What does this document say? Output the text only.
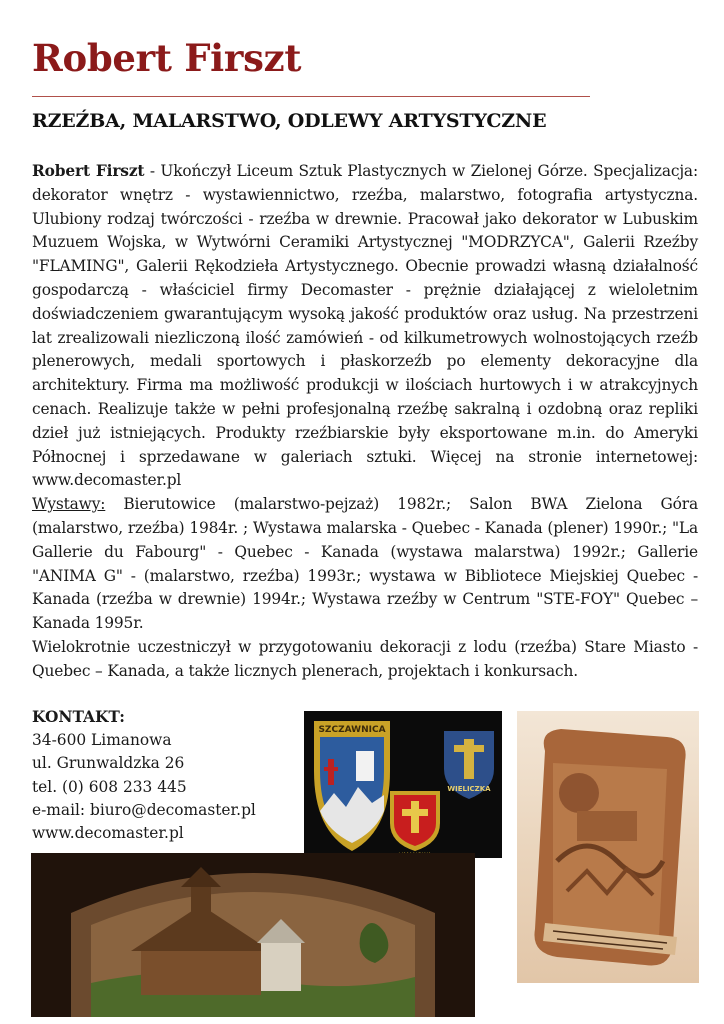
Robert Firszt
RZEŹBA, MALARSTWO, ODLEWY ARTYSTYCZNE

Robert Firszt - Ukończył Liceum Sztuk Plastycznych w Zielonej Górze. Specjalizacja: dekorator wnętrz - wystawiennictwo, rzeźba, malarstwo, fotografia artystyczna. Ulubiony rodzaj twórczości - rzeźba w drewnie. Pracował jako dekorator w Lubuskim Muzuem Wojska, w Wytwórni Ceramiki Artystycznej "MODRZYCA", Galerii Rzeźby "FLAMING", Galerii Rękodzieła Artystycznego. Obecnie prowadzi własną działalność gospodarczą - właściciel firmy Decomaster - prężnie działającej z wieloletnim doświadczeniem gwarantującym wysoką jakość produktów oraz usług. Na przestrzeni lat zrealizowali niezliczoną ilość zamówień - od kilkumetrowych wolnostojących rzeźb plenerowych, medali sportowych i płaskorzeźb po elementy dekoracyjne dla architektury. Firma ma możliwość produkcji w ilościach hurtowych i w atrakcyjnych cenach. Realizuje także w pełni profesjonalną rzeźbę sakralną i ozdobną oraz repliki dzieł już istniejących. Produkty rzeźbiarskie były eksportowane m.in. do Ameryki Północnej i sprzedawane w galeriach sztuki. Więcej na stronie internetowej: www.decomaster.pl

Wystawy: Bierutowice (malarstwo-pejzaż) 1982r.; Salon BWA Zielona Góra (malarstwo, rzeźba) 1984r. ; Wystawa malarska - Quebec - Kanada (plener) 1990r.; "La Gallerie du Fabourg" - Quebec - Kanada (wystawa malarstwa) 1992r.; Gallerie "ANIMA G" - (malarstwo, rzeźba) 1993r.; wystawa w Bibliotece Miejskiej Quebec - Kanada (rzeźba w drewnie) 1994r.; Wystawa rzeźby w Centrum "STE-FOY" Quebec – Kanada 1995r.

Wielokrotnie uczestniczył w przygotowaniu dekoracji z lodu (rzeźba) Stare Miasto - Quebec – Kanada, a także licznych plenerach, projektach i konkursach.

KONTAKT:
34-600 Limanowa
ul. Grunwaldzka 26
tel. (0) 608 233 445
e-mail: biuro@decomaster.pl
www.decomaster.pl
SZCZAWNICA
WIELICZKA
